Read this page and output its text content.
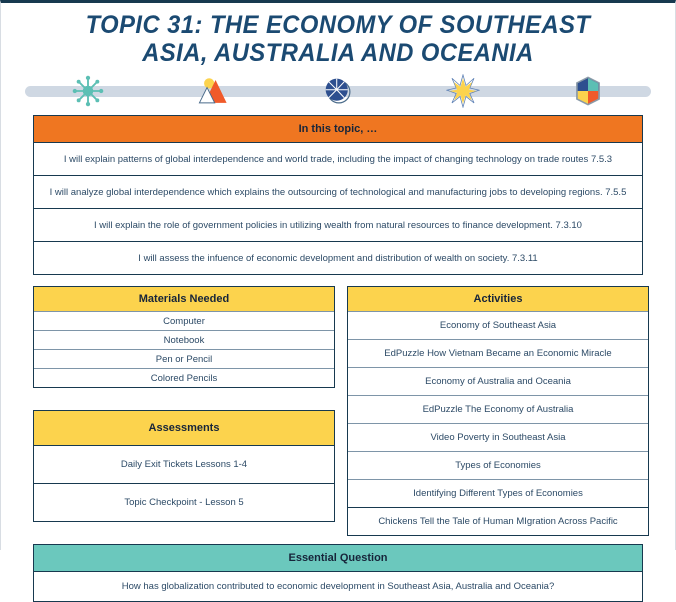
TOPIC 31: THE ECONOMY OF SOUTHEAST ASIA, AUSTRALIA AND OCEANIA
In this topic, …
I will explain patterns of global interdependence and world trade, including the impact of changing technology on trade routes 7.5.3
I will analyze global interdependence which explains the outsourcing of technological and manufacturing jobs to developing regions. 7.5.5
I will explain the role of government policies in utilizing wealth from natural resources to finance development. 7.3.10
I will assess the infuence of economic development and distribution of wealth on society. 7.3.11
Materials Needed
Computer
Notebook
Pen or Pencil
Colored Pencils
Assessments
Daily Exit Tickets Lessons 1-4
Topic Checkpoint - Lesson 5
Activities
Economy of Southeast Asia
EdPuzzle How Vietnam Became an Economic Miracle
Economy of Australia and Oceania
EdPuzzle The Economy of Australia
Video Poverty in Southeast Asia
Types of Economies
Identifying Different Types of Economies
Chickens Tell the Tale of Human MIgration Across Pacific
Essential Question
How has globalization contributed to economic development in Southeast Asia, Australia and Oceania?
